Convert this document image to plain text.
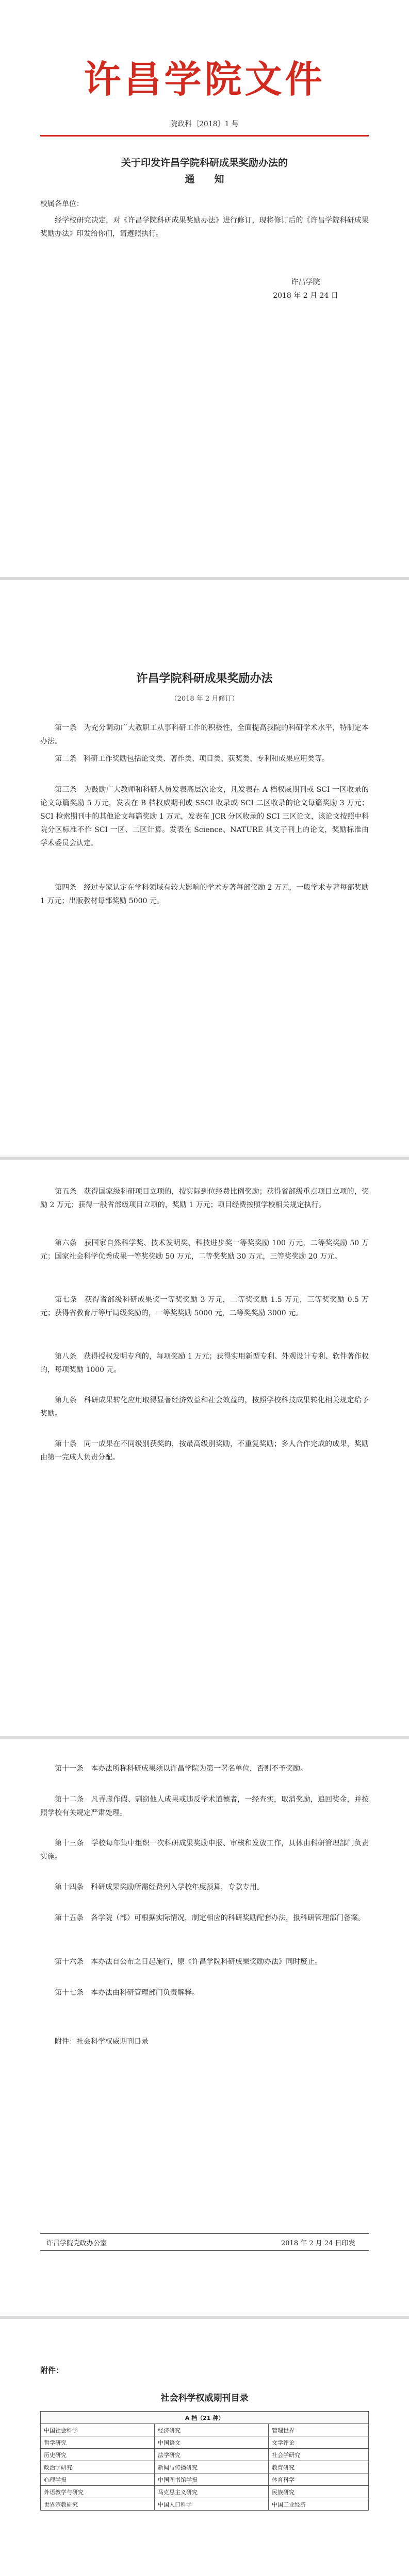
许昌学院文件
院政科〔2018〕1 号
关于印发许昌学院科研成果奖励办法的
通　　知
校属各单位：
经学校研究决定，对《许昌学院科研成果奖励办法》进行修订，现将修订后的《许昌学院科研成果奖励办法》印发给你们，请遵照执行。
许昌学院
2018 年 2 月 24 日
许昌学院科研成果奖励办法
（2018 年 2 月修订）
第一条　为充分调动广大教职工从事科研工作的积极性，全面提高我院的科研学术水平，特制定本办法。
第二条　科研工作奖励包括论文类、著作类、项目类、获奖类、专利和成果应用类等。
第三条　为鼓励广大教师和科研人员发表高层次论文，凡发表在 A 档权威期刊或 SCI 一区收录的论文每篇奖励 5 万元，发表在 B 档权威期刊或 SSCI 收录或 SCI 二区收录的论文每篇奖励 3 万元；SCI 检索期刊中的其他论文每篇奖励 1 万元，发表在 JCR 分区收录的 SCI 三区论文，该论文按照中科院分区标准不作 SCI 一区、二区计算。发表在 Science、NATURE 其文子刊上的论文，奖励标准由学术委员会认定。
第四条　经过专家认定在学科领域有较大影响的学术专著每部奖励 2 万元，一般学术专著每部奖励 1 万元；出版教材每部奖励 5000 元。
第五条　获得国家级科研项目立项的，按实际到位经费比例奖励；获得省部级重点项目立项的，奖励 2 万元；获得一般省部级项目立项的，奖励 1 万元；项目经费按照学校相关规定执行。
第六条　获国家自然科学奖、技术发明奖、科技进步奖一等奖奖励 100 万元，二等奖奖励 50 万元；国家社会科学优秀成果一等奖奖励 50 万元，二等奖奖励 30 万元，三等奖奖励 20 万元。
第七条　获得省部级科研成果奖一等奖奖励 3 万元，二等奖奖励 1.5 万元，三等奖奖励 0.5 万元；获得省教育厅等厅局级奖励的，一等奖奖励 5000 元，二等奖奖励 3000 元。
第八条　获得授权发明专利的，每项奖励 1 万元；获得实用新型专利、外观设计专利、软件著作权的，每项奖励 1000 元。
第九条　科研成果转化应用取得显著经济效益和社会效益的，按照学校科技成果转化相关规定给予奖励。
第十条　同一成果在不同级别获奖的，按最高级别奖励，不重复奖励；多人合作完成的成果，奖励由第一完成人负责分配。
第十一条　本办法所称科研成果须以许昌学院为第一署名单位，否则不予奖励。
第十二条　凡弄虚作假、剽窃他人成果或违反学术道德者，一经查实，取消奖励，追回奖金，并按照学校有关规定严肃处理。
第十三条　学校每年集中组织一次科研成果奖励申报、审核和发放工作，具体由科研管理部门负责实施。
第十四条　科研成果奖励所需经费列入学校年度预算，专款专用。
第十五条　各学院（部）可根据实际情况，制定相应的科研奖励配套办法，报科研管理部门备案。
第十六条　本办法自公布之日起施行，原《许昌学院科研成果奖励办法》同时废止。
第十七条　本办法由科研管理部门负责解释。
附件：社会科学权威期刊目录
许昌学院党政办公室	2018 年 2 月 24 日印发
附件：
社会科学权威期刊目录
A 档（21 种）		
中国社会科学	经济研究	管理世界
哲学研究	中国语文	文学评论
历史研究	法学研究	社会学研究
政治学研究	新闻与传播研究	教育研究
心理学报	中国图书馆学报	体育科学
外语教学与研究	马克思主义研究	民族研究
世界宗教研究	中国人口科学	中国工业经济
